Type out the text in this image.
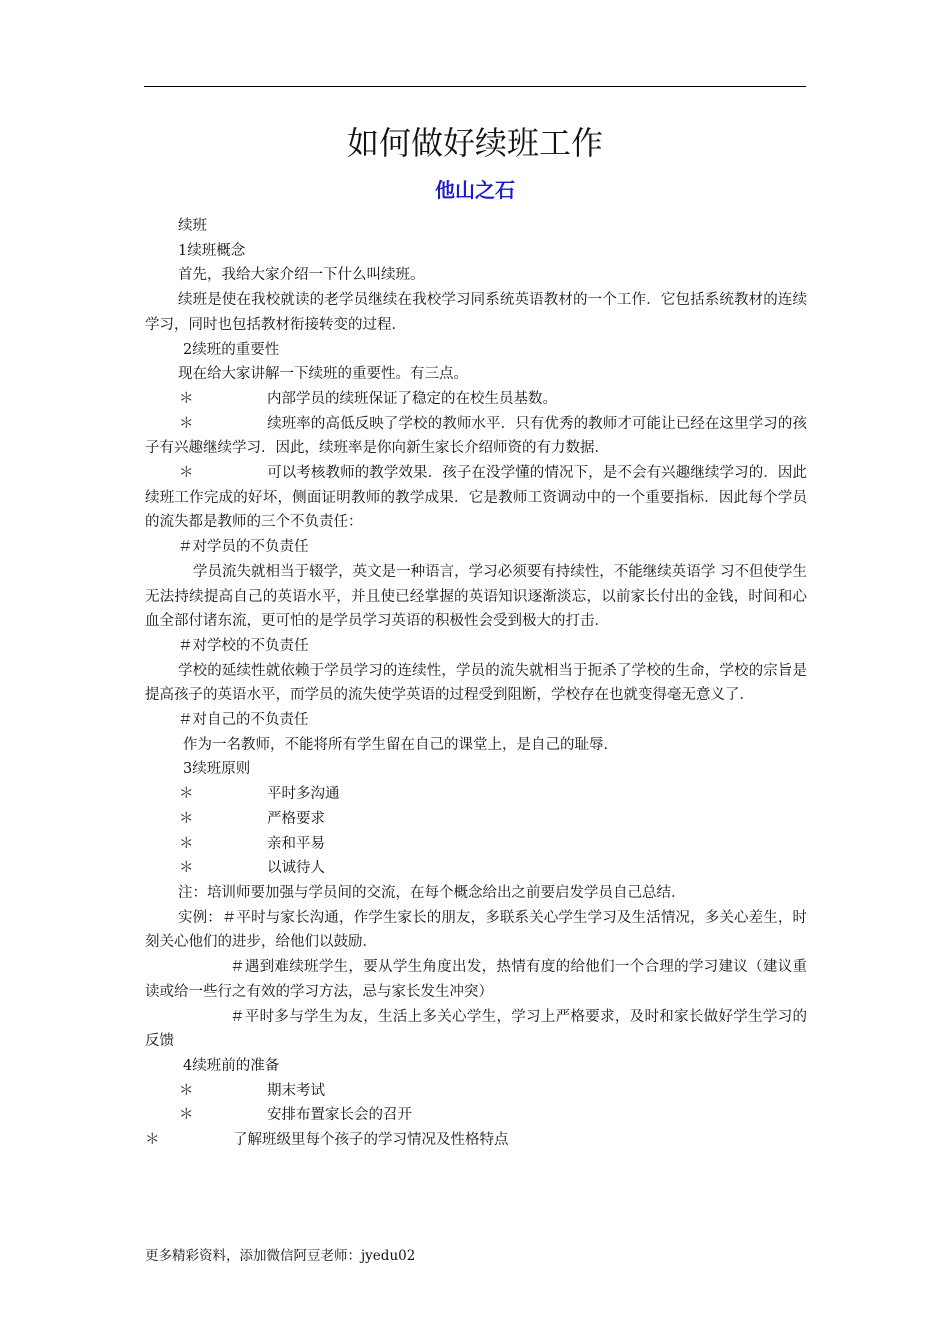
如何做好续班工作
他山之石

续班

1续班概念

首先，我给大家介绍一下什么叫续班。

续班是使在我校就读的老学员继续在我校学习同系统英语教材的一个工作．它包括系统教材的连续学习，同时也包括教材衔接转变的过程．

2续班的重要性

现在给大家讲解一下续班的重要性。有三点。

＊	内部学员的续班保证了稳定的在校生员基数。

＊	续班率的高低反映了学校的教师水平．只有优秀的教师才可能让已经在这里学习的孩子有兴趣继续学习．因此，续班率是你向新生家长介绍师资的有力数据．

＊	可以考核教师的教学效果．孩子在没学懂的情况下，是不会有兴趣继续学习的．因此续班工作完成的好坏，侧面证明教师的教学成果．它是教师工资调动中的一个重要指标．因此每个学员的流失都是教师的三个不负责任：

＃对学员的不负责任

学员流失就相当于辍学，英文是一种语言，学习必须要有持续性，不能继续英语学 习不但使学生无法持续提高自己的英语水平，并且使已经掌握的英语知识逐渐淡忘，以前家长付出的金钱，时间和心血全部付诸东流，更可怕的是学员学习英语的积极性会受到极大的打击．

＃对学校的不负责任

学校的延续性就依赖于学员学习的连续性，学员的流失就相当于扼杀了学校的生命，学校的宗旨是提高孩子的英语水平，而学员的流失使学英语的过程受到阻断，学校存在也就变得毫无意义了．

＃对自己的不负责任

作为一名教师，不能将所有学生留在自己的课堂上，是自己的耻辱．

3续班原则

＊	平时多沟通

＊	严格要求

＊	亲和平易

＊	以诚待人

注：培训师要加强与学员间的交流，在每个概念给出之前要启发学员自己总结．

实例：＃平时与家长沟通，作学生家长的朋友，多联系关心学生学习及生活情况，多关心差生，时刻关心他们的进步，给他们以鼓励．

＃遇到难续班学生，要从学生角度出发，热情有度的给他们一个合理的学习建议（建议重读或给一些行之有效的学习方法，忌与家长发生冲突）

＃平时多与学生为友，生活上多关心学生，学习上严格要求，及时和家长做好学生学习的反馈

4续班前的准备

＊	期末考试

＊	安排布置家长会的召开

＊	了解班级里每个孩子的学习情况及性格特点

更多精彩资料，添加微信阿豆老师：jyedu02
